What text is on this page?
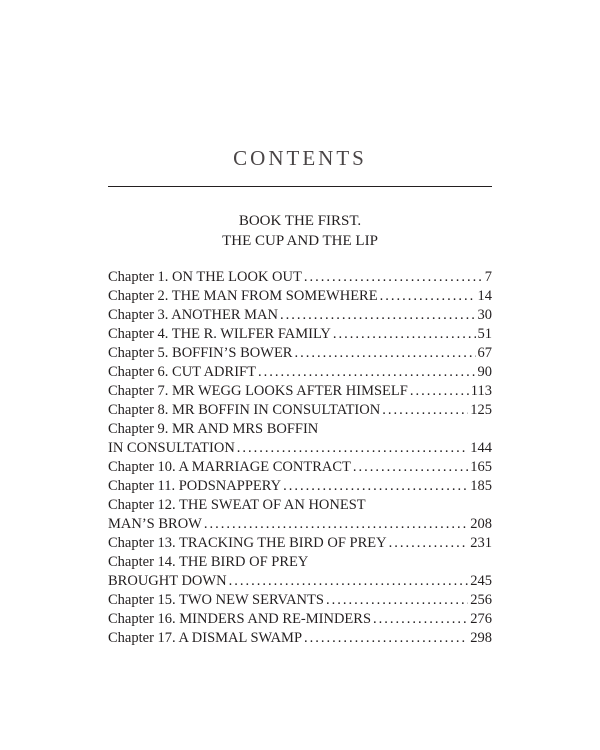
CONTENTS
BOOK THE FIRST.
THE CUP AND THE LIP
Chapter 1. ON THE LOOK OUT .....	7
Chapter 2. THE MAN FROM SOMEWHERE .....	14
Chapter 3. ANOTHER MAN .....	30
Chapter 4. THE R. WILFER FAMILY .....	51
Chapter 5. BOFFIN’S BOWER .....	67
Chapter 6. CUT ADRIFT .....	90
Chapter 7. MR WEGG LOOKS AFTER HIMSELF .....	113
Chapter 8. MR BOFFIN IN CONSULTATION .....	125
Chapter 9. MR AND MRS BOFFIN
IN CONSULTATION .....	144
Chapter 10. A MARRIAGE CONTRACT .....	165
Chapter 11. PODSNAPPERY .....	185
Chapter 12. THE SWEAT OF AN HONEST
MAN’S BROW .....	208
Chapter 13. TRACKING THE BIRD OF PREY .....	231
Chapter 14. THE BIRD OF PREY
BROUGHT DOWN .....	245
Chapter 15. TWO NEW SERVANTS .....	256
Chapter 16. MINDERS AND RE-MINDERS .....	276
Chapter 17. A DISMAL SWAMP .....	298
